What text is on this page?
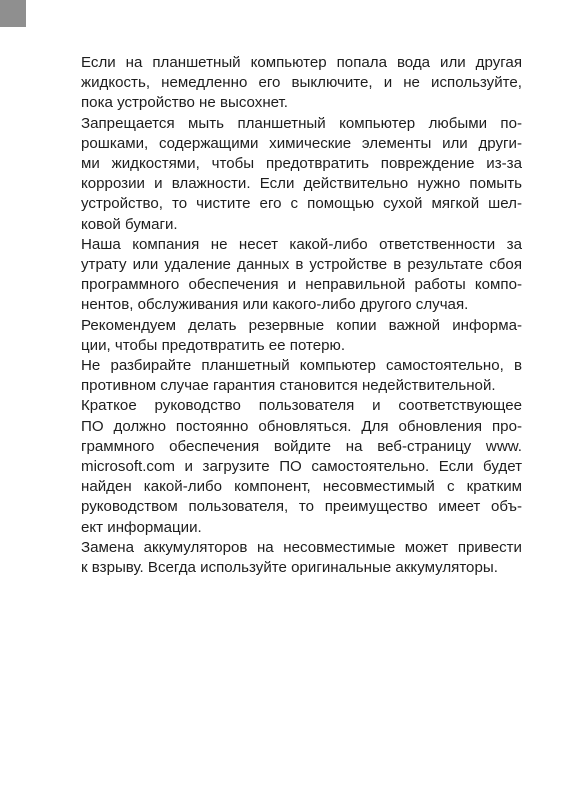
Если на планшетный компьютер попала вода или другая
жидкость, немедленно его выключите, и не используйте,
пока устройство не высохнет.
Запрещается мыть планшетный компьютер любыми по-
рошками, содержащими химические элементы или други-
ми жидкостями, чтобы предотвратить повреждение из-за
коррозии и влажности. Если действительно нужно помыть
устройство, то чистите его с помощью сухой мягкой шел-
ковой бумаги.
Наша компания не несет какой-либо ответственности за
утрату или удаление данных в устройстве в результате сбоя
программного обеспечения и неправильной работы компо-
нентов, обслуживания или какого-либо другого случая.
Рекомендуем делать резервные копии важной информа-
ции, чтобы предотвратить ее потерю.
Не разбирайте планшетный компьютер самостоятельно, в
противном случае гарантия становится недействительной.
Краткое руководство пользователя и соответствующее
ПО должно постоянно обновляться. Для обновления про-
граммного обеспечения войдите на веб-страницу www.
microsoft.com и загрузите ПО самостоятельно. Если будет
найден какой-либо компонент, несовместимый с кратким
руководством пользователя, то преимущество имеет объ-
ект информации.
Замена аккумуляторов на несовместимые может привести
к взрыву. Всегда используйте оригинальные аккумуляторы.
